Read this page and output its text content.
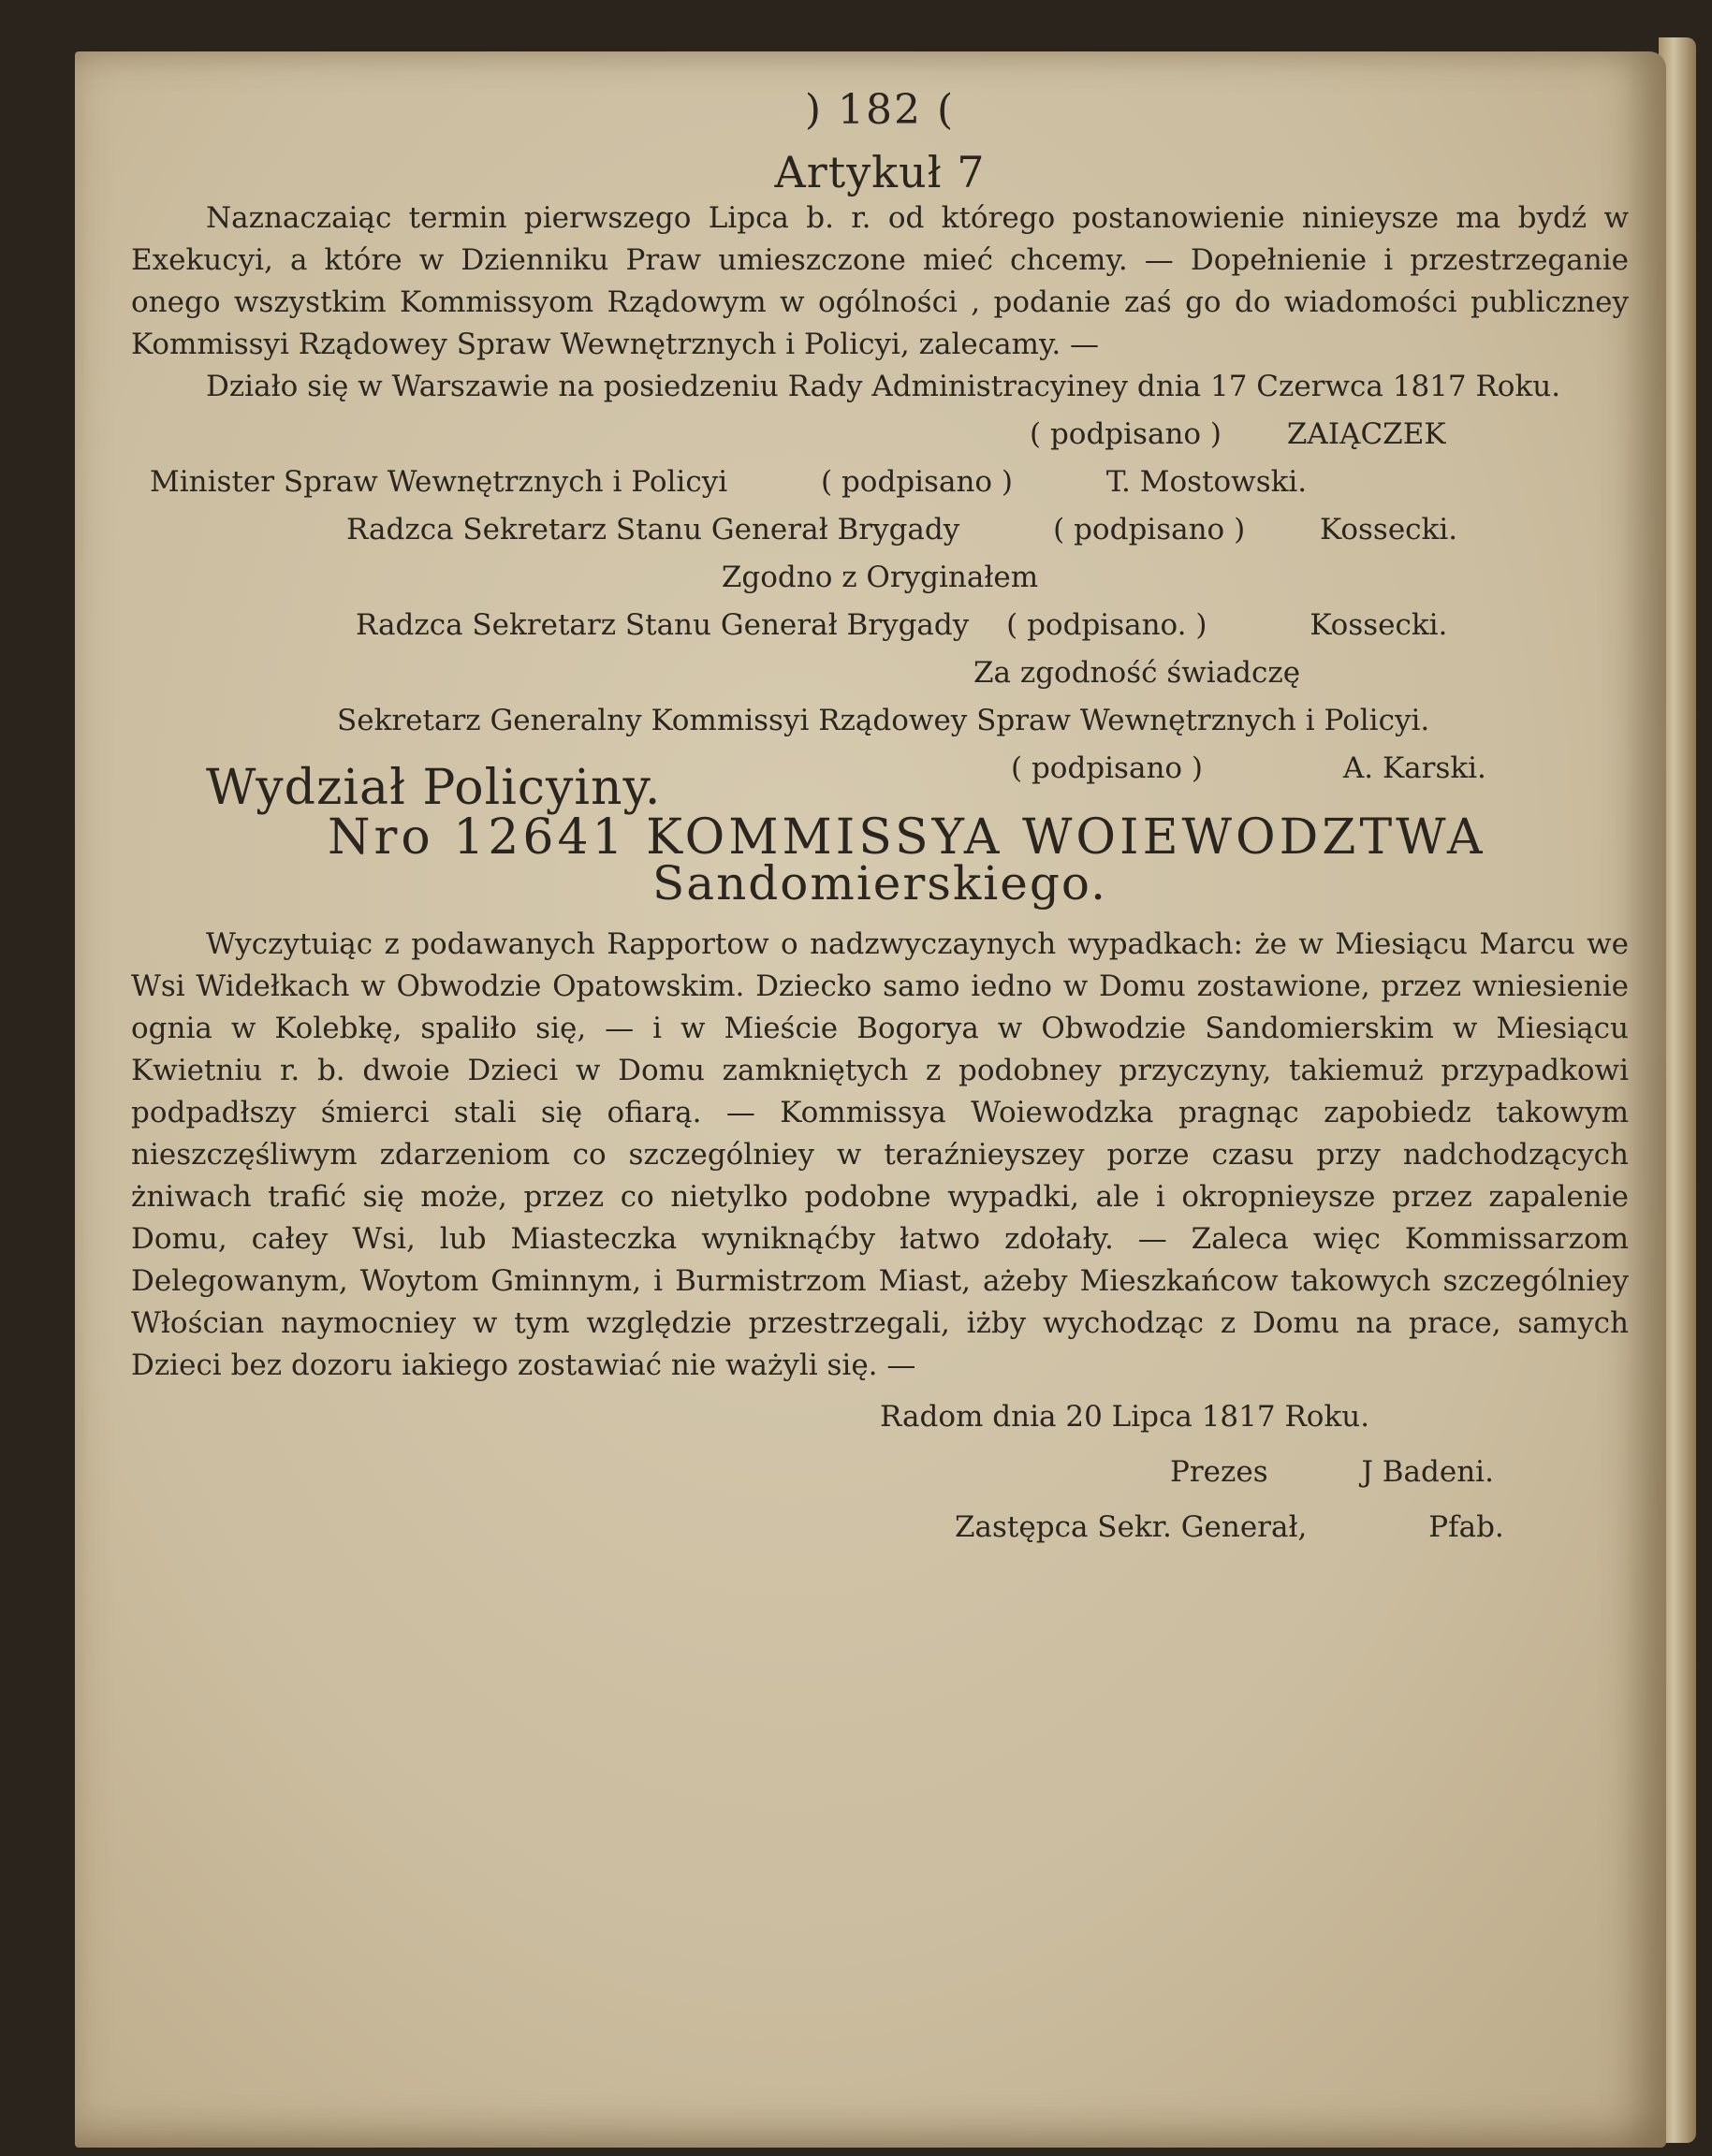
) 182 (
Artykuł 7

Naznaczaiąc termin pierwszego Lipca b. r. od którego postanowienie ninieysze ma bydź w Exekucyi, a które w Dzienniku Praw umieszczone mieć chcemy. — Dopełnienie i przestrzeganie onego wszystkim Kommissyom Rządowym w ogólności , podanie zaś go do wiadomości publiczney Kommissyi Rządowey Spraw Wewnętrznych i Policyi, zalecamy. —

Działo się w Warszawie na posiedzeniu Rady Administracyiney dnia 17 Czerwca 1817 Roku.

( podpisano ) ZAIĄCZEK
Minister Spraw Wewnętrznych i Policyi	( podpisano )	T. Mostowski.
Radzca Sekretarz Stanu Generał Brygady	( podpisano )	Kossecki.
Zgodno z Oryginałem
Radzca Sekretarz Stanu Generał Brygady ( podpisano. )	Kossecki.
Za zgodność świadczę
Sekretarz Generalny Kommissyi Rządowey Spraw Wewnętrznych i Policyi.
( podpisano )	A. Karski.
Wydział Policyiny.
Nro 12641 KOMMISSYA WOIEWODZTWA
Sandomierskiego.

Wyczytuiąc z podawanych Rapportow o nadzwyczaynych wypadkach: że w Miesiącu Marcu we Wsi Widełkach w Obwodzie Opatowskim. Dziecko samo iedno w Domu zostawione, przez wniesienie ognia w Kolebkę, spaliło się, — i w Mieście Bogorya w Obwodzie Sandomierskim w Miesiącu Kwietniu r. b. dwoie Dzieci w Domu zamkniętych z podobney przyczyny, takiemuż przypadkowi podpadłszy śmierci stali się ofiarą. — Kommissya Woiewodzka pragnąc zapobiedz takowym nieszczęśliwym zdarzeniom co szczególniey w teraźnieyszey porze czasu przy nadchodzących żniwach trafić się może, przez co nietylko podobne wypadki, ale i okropnieysze przez zapalenie Domu, całey Wsi, lub Miasteczka wyniknąćby łatwo zdołały. — Zaleca więc Kommissarzom Delegowanym, Woytom Gminnym, i Burmistrzom Miast, ażeby Mieszkańcow takowych szczególniey Włościan naymocniey w tym względzie przestrzegali, iżby wychodząc z Domu na prace, samych Dzieci bez dozoru iakiego zostawiać nie ważyli się. —

Radom dnia 20 Lipca 1817 Roku.
Prezes	J Badeni.
Zastępca Sekr. Generał,	Pfab.
